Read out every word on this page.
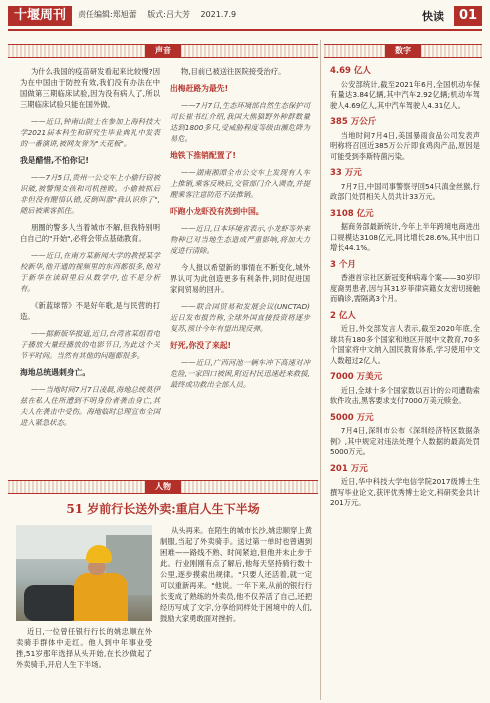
十堰周刊	责任编辑:郑旭蕾 版式:吕大芳 2021.7.9	快读	01
声音

为什么我国的疫苗研发看起来比较慢?因为在中国由于防控有效,我们没有办法在中国做第三期临床试验,因为没有病人了,所以三期临床试验只能在国外做。

——近日,钟南山院士在参加上海科技大学2021届本科生和研究生毕业典礼中发表的一番演讲,被网友誉为"天花板"。

我是醋惜,不怕你记!

——7月5日,贵州一公交车上小偷行窃被识破,被警惕女孩和司机挫败。小偷被抓后非但没有醒悟认错,反倒叫嚣"我认识你了",随后被乘客抓住。

朋圈的警多人当着城市不解,但我特别明白自己的"开始",必将会带点基础教育。

——近日,在南方某新闻大学的教授某学校新华,他开通的视频里的东西都很多,他对于新华在读研里后从数学中,也不是分析有。

《新蓝球帮》不是好年歌,是与民营的打造。

——据新版华报道,近日,台湾省某组看电子播放大量经播放的电影节日,为此这个关节平时间。当然有其他的问题都很多。

海地总统遇刺身亡。

——当地时间7月7日凌晨,海地总统莫伊兹在私人住所遭到不明身份者袭击身亡,其夫人在袭击中受伤。海地临时总理宣布全国进入紧急状态。

物,目前已被送往医院接受治疗。

出梅赶路为最先!

——7月7日,生态环境部自然生态保护司司长崔书红介绍,我国大熊猫野外种群数量达到1800多只,受威胁程度等级由濒危降为易危。

地铁下推销配置了!

——湖南湘潭全市公交车上发现有人车上推销,乘客反映后,交管部门介入调查,并提醒乘客注意防范不法推销。

吓跑小龙虾没有洗到中国。

——近日,日本环境省表示,小龙虾等外来物种已对当地生态造成严重影响,将加大力度进行清除。

今人报以希望新的事情在不断变化,城外界认可为此创造更多有利条件,同时促进国家间贸易的回升。

——联合国贸易和发展会议(UNCTAD)近日发布报告称,全球外国直接投资将逐步复苏,预计今年有望出现反弹。

好死,你没了来起!

——近日,广西河池一辆车冲下高速对冲危险,一家四口被困,附近村民迅速赶来救援,最终成功救出全部人员。

数字
4.69 亿人
公安部统计,截至2021年6月,全国机动车保有量达3.84亿辆,其中汽车2.92亿辆;机动车驾驶人4.69亿人,其中汽车驾驶人4.31亿人。
385 万公斤
当地时间7月4日,美国暴雨食品公司发表声明称将召回近385万公斤即食鸡肉产品,原因是可能受到李斯特菌污染。
33 万元
7月7日,中国司事警察寻回54只滇金丝猴,行政部门处罚相关人员共计33万元。
3108 亿元
据商务部最新统计,今年上半年跨境电商进出口规模达3108亿元,同比增长28.6%,其中出口增长44.1%。
3 个月
香港首宗社区新冠变种病毒个案——30岁印度裔男患者,因与其31岁菲律宾籍女友密切接触而确诊,需隔离3个月。
2 亿人
近日,外交部发言人表示,截至2020年底,全球共有180多个国家和地区开展中文教育,70多个国家将中文纳入国民教育体系,学习使用中文人数超过2亿人。
7000 万美元
近日,全球十多个国家数以百计的公司遭勒索软件攻击,黑客要求支付7000万美元赎金。
5000 万元
7月4日,深圳市公布《深圳经济特区数据条例》,其中规定对违法处理个人数据的最高处罚5000万元。
201 万元
近日,华中科技大学电信学院2017级博士生撰写毕业论文,获评优秀博士论文,科研奖金共计201万元。
人物
51 岁前行长送外卖:重启人生下半场

从头再来。在陌生的城市长沙,姚忠顺穿上黄制服,当起了外卖骑手。送过第一单时也曾遇到困难——路线不熟、时间紧迫,但他并未止步于此。行业刚刚有点了解后,他每天坚持骑行数十公里,逐步摸索出规律。"只要人还活着,就一定可以重新再来。"他说。一年下来,从前的银行行长变成了熟练的外卖员,他不仅养活了自己,还把经历写成了文字,分享给同样处于困境中的人们,鼓励大家勇敢面对挫折。

近日,一位曾任银行行长的姚忠顺在外卖骑手群体中走红。他人到中年事业受挫,51岁那年选择从头开始,在长沙做起了外卖骑手,开启人生下半场。
